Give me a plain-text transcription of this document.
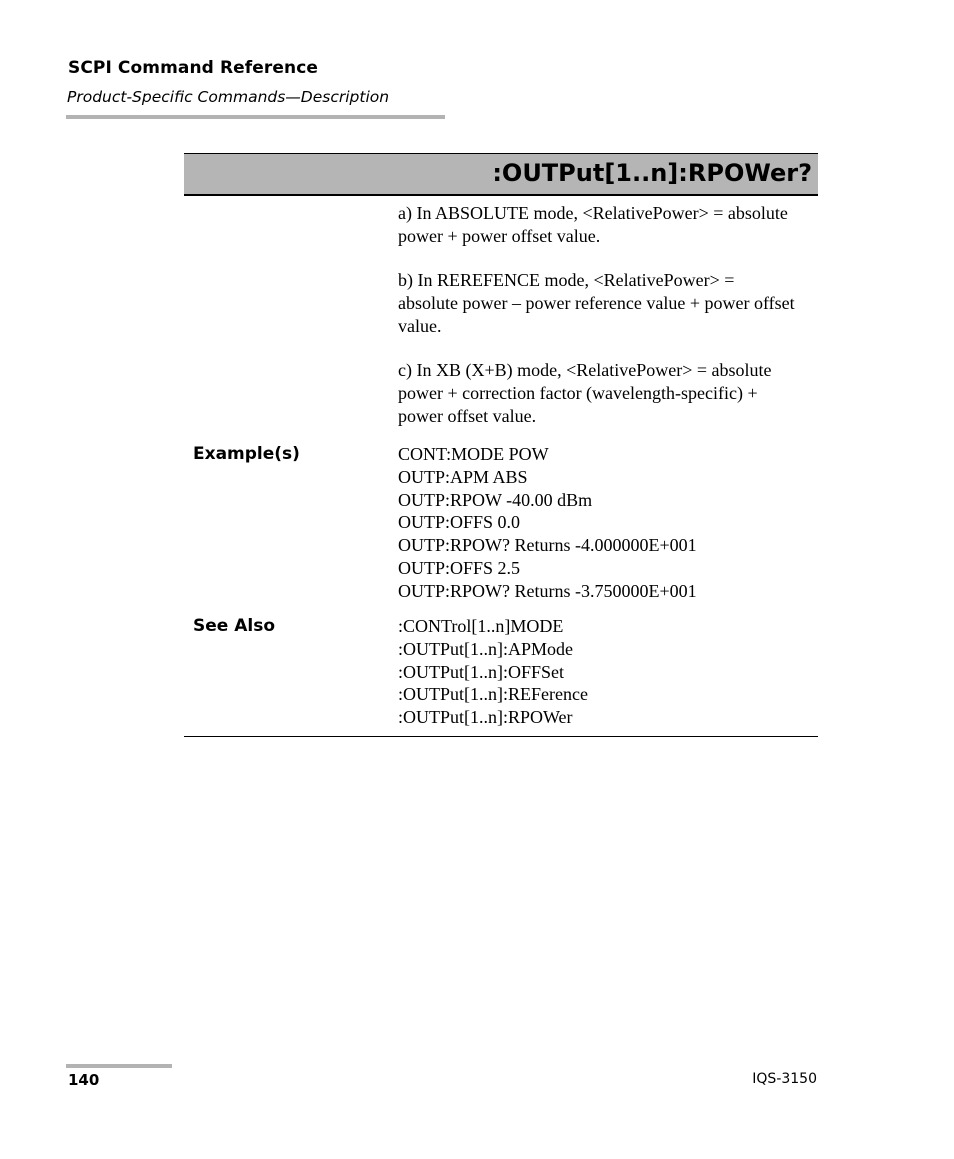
SCPI Command Reference
Product-Specific Commands—Description
:OUTPut[1..n]:RPOWer?

a) In ABSOLUTE mode, <RelativePower> = absolute power + power offset value.

b) In REREFENCE mode, <RelativePower> = absolute power – power reference value + power offset value.

c) In XB (X+B) mode, <RelativePower> = absolute power + correction factor (wavelength-specific) + power offset value.

Example(s)	CONT:MODE POW
OUTP:APM ABS
OUTP:RPOW -40.00 dBm
OUTP:OFFS 0.0
OUTP:RPOW? Returns -4.000000E+001
OUTP:OFFS 2.5
OUTP:RPOW? Returns -3.750000E+001
See Also	:CONTrol[1..n]MODE
:OUTPut[1..n]:APMode
:OUTPut[1..n]:OFFSet
:OUTPut[1..n]:REFerence
:OUTPut[1..n]:RPOWer
140	IQS-3150
